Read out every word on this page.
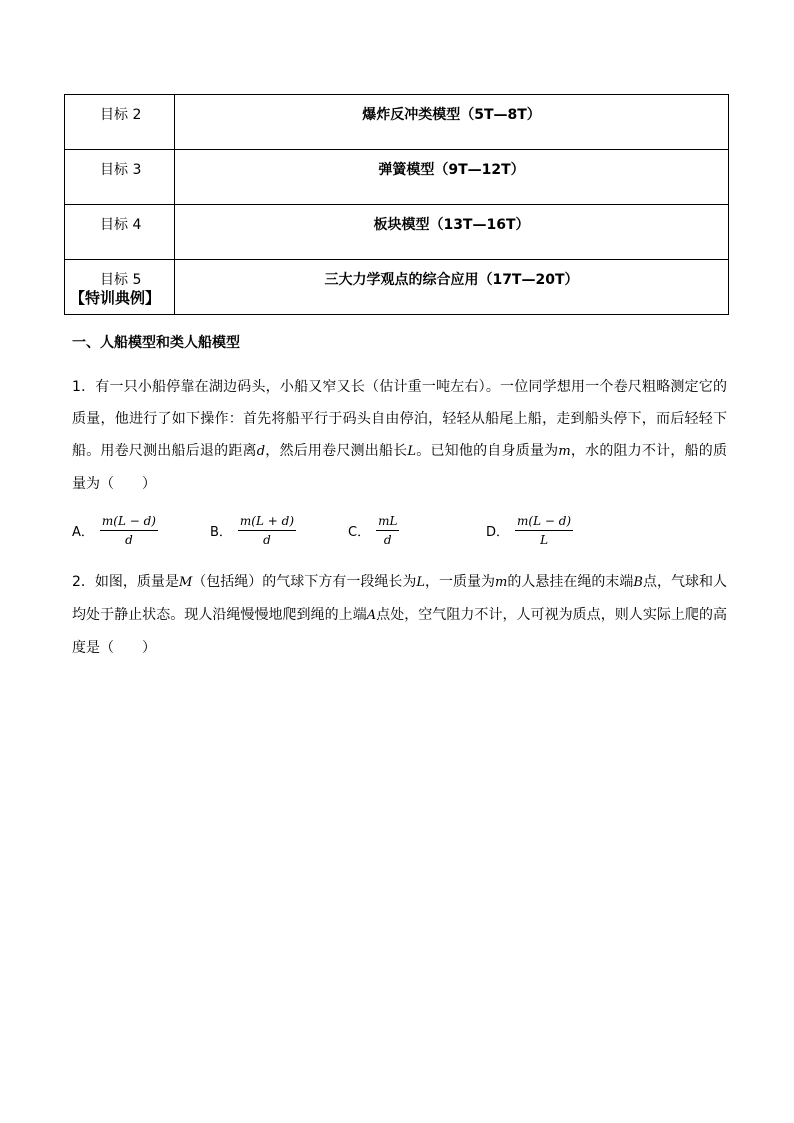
目标 2	爆炸反冲类模型（5T—8T）
目标 3	弹簧模型（9T—12T）
目标 4	板块模型（13T—16T）
目标 5	三大力学观点的综合应用（17T—20T）
【特训典例】
一、人船模型和类人船模型

1．有一只小船停靠在湖边码头，小船又窄又长（估计重一吨左右）。一位同学想用一个卷尺粗略测定它的质量，他进行了如下操作：首先将船平行于码头自由停泊，轻轻从船尾上船，走到船头停下，而后轻轻下船。用卷尺测出船后退的距离d，然后用卷尺测出船长L。已知他的自身质量为m，水的阻力不计，船的质量为（　　）

A． $\frac{m(L - d)}{d}$	B． $\frac{m(L + d)}{d}$	C． $\frac{mL}{d}$	D． $\frac{m(L - d)}{L}$

2．如图，质量是M（包括绳）的气球下方有一段绳长为L，一质量为m的人悬挂在绳的末端B点，气球和人均处于静止状态。现人沿绳慢慢地爬到绳的上端A点处，空气阻力不计，人可视为质点，则人实际上爬的高度是（　　）
